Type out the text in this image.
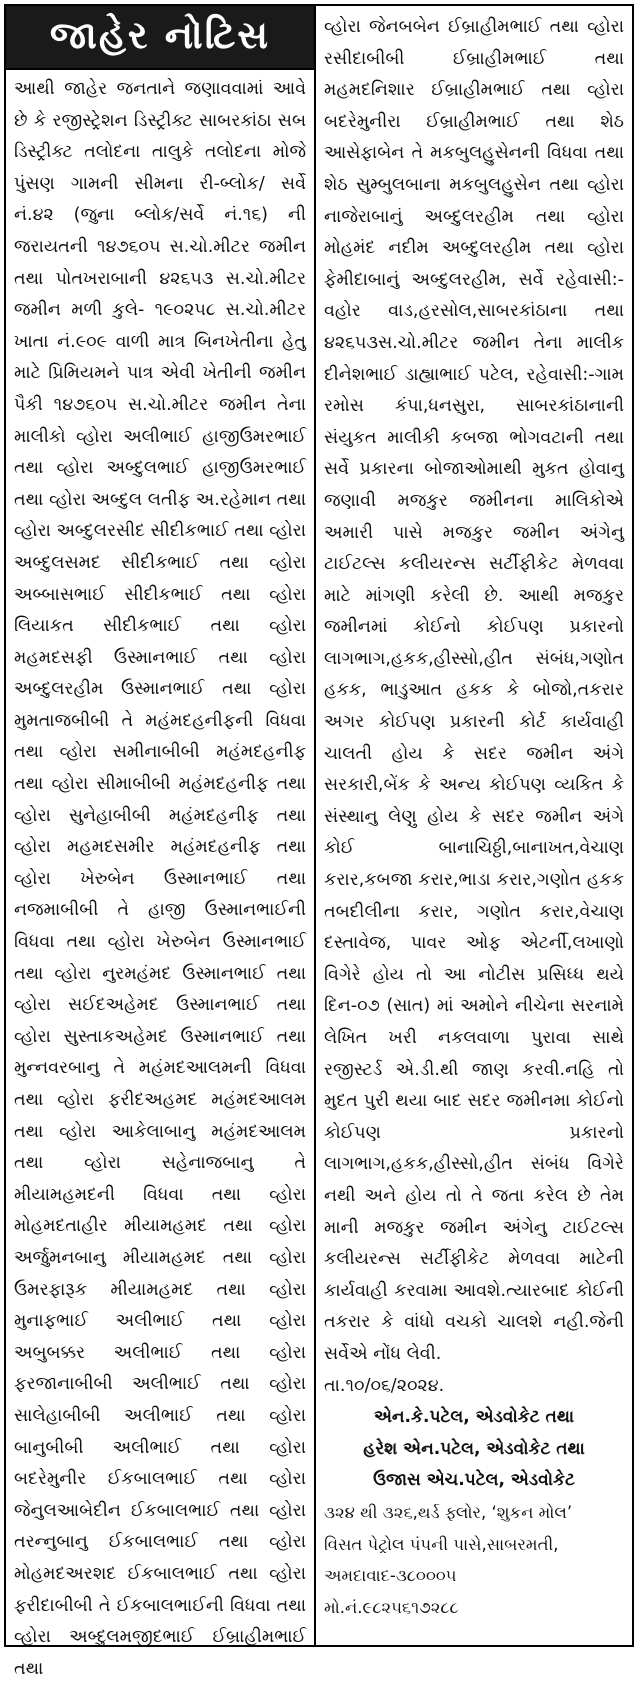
જાહેર નોટિસ

આથી જાહેર જનતાને જણાવવામાં આવે છે કે રજીસ્ટ્રેશન ડિસ્ટ્રીક્ટ સાબરકાંઠા સબ ડિસ્ટ્રીક્ટ તલોદના તાલુકે તલોદના મોજે પુંસણ ગામની સીમના રી-બ્લોક/ સર્વે નં.૪૨ (જુના બ્લોક/સર્વે નં.૧૬) ની જરાયતની ૧૪૭૬૦૫ સ.ચો.મીટર જમીન તથા પોતખરાબાની ૪૨૬૫૩ સ.ચો.મીટર જમીન મળી કુલે- ૧૯૦૨૫૮ સ.ચો.મીટર ખાતા નં.૯૦૯ વાળી માત્ર બિનખેતીના હેતુ માટે પ્રિમિયમને પાત્ર એવી ખેતીની જમીન પૈકી ૧૪૭૬૦૫ સ.ચો.મીટર જમીન તેના માલીકો વ્હોરા અલીભાઈ હાજીઉમરભાઈ તથા વ્હોરા અબ્દુલભાઈ હાજીઉમરભાઈ તથા વ્હોરા અબ્દુલ લતીફ અ.રહેમાન તથા વ્હોરા અબ્દુલરસીદ સીદીકભાઈ તથા વ્હોરા અબ્દુલસમદ સીદીકભાઈ તથા વ્હોરા અબ્બાસભાઈ સીદીકભાઈ તથા વ્હોરા લિયાકત સીદીકભાઈ તથા વ્હોરા મહમદસફી ઉસ્માનભાઈ તથા વ્હોરા અબ્દુલરહીમ ઉસ્માનભાઈ તથા વ્હોરા મુમતાજબીબી તે મહંમદહનીફની વિધવા તથા વ્હોરા સમીનાબીબી મહંમદહનીફ તથા વ્હોરા સીમાબીબી મહંમદહનીફ તથા વ્હોરા સુનેહાબીબી મહંમદહનીફ તથા વ્હોરા મહમદસમીર મહંમદહનીફ તથા વ્હોરા ખેરુબેન ઉસ્માનભાઈ તથા નજમાબીબી તે હાજી ઉસ્માનભાઈની વિધવા તથા વ્હોરા ખેરુબેન ઉસ્માનભાઈ તથા વ્હોરા નુરમહંમદ ઉસ્માનભાઈ તથા વ્હોરા સઈદઅહેમદ ઉસ્માનભાઈ તથા વ્હોરા સુસ્તાકઅહેમદ ઉસ્માનભાઈ તથા મુન્નવરબાનુ તે મહંમદઆલમની વિધવા તથા વ્હોરા ફરીદઅહમદ મહંમદઆલમ તથા વ્હોરા આકેલાબાનુ મહંમદઆલમ તથા વ્હોરા સહેનાજબાનુ તે મીયામહમદની વિધવા તથા વ્હોરા મોહમદતાહીર મીયામહમદ તથા વ્હોરા અર્જુમનબાનુ મીયામહમદ તથા વ્હોરા ઉમરફારૂક મીયામહમદ તથા વ્હોરા મુનાફભાઈ અલીભાઈ તથા વ્હોરા અબુબક્કર અલીભાઈ તથા વ્હોરા ફરજાનાબીબી અલીભાઈ તથા વ્હોરા સાલેહાબીબી અલીભાઈ તથા વ્હોરા બાનુબીબી અલીભાઈ તથા વ્હોરા બદરેમુનીર ઈકબાલભાઈ તથા વ્હોરા જેનુલઆબેદીન ઈકબાલભાઈ તથા વ્હોરા તરન્નુબાનુ ઈકબાલભાઈ તથા વ્હોરા મોહમદઅરશદ ઈકબાલભાઈ તથા વ્હોરા ફરીદાબીબી તે ઈકબાલભાઈની વિધવા તથા વ્હોરા અબ્દુલમજીદભાઈ ઈબ્રાહીમભાઈ તથા

વ્હોરા જેનબબેન ઈબ્રાહીમભાઈ તથા વ્હોરા રસીદાબીબી ઈબ્રાહીમભાઈ તથા મહમદનિશાર ઈબ્રાહીમભાઈ તથા વ્હોરા બદરેમુનીરા ઈબ્રાહીમભાઈ તથા શેઠ આસેફાબેન તે મકબુલહુસેનની વિધવા તથા શેઠ સુમ્બુલબાના મકબુલહુસેન તથા વ્હોરા નાજેરાબાનું અબ્દુલરહીમ તથા વ્હોરા મોહમંદ નદીમ અબ્દુલરહીમ તથા વ્હોરા ફેમીદાબાનું અબ્દુલરહીમ, સર્વે રહેવાસી:-વહોર વાડ,હરસોલ,સાબરકાંઠાના તથા ૪૨૬૫૩સ.ચો.મીટર જમીન તેના માલીક દીનેશભાઈ ડાહ્યાભાઈ પટેલ, રહેવાસી:-ગામ રમોસ કંપા,ધનસુરા, સાબરકાંઠાનાની સંયુકત માલીકી કબજા ભોગવટાની તથા સર્વે પ્રકારના બોજાઓમાથી મુકત હોવાનુ જણાવી મજકુર જમીનના માલિકોએ અમારી પાસે મજકુર જમીન અંગેનુ ટાઈટલ્સ કલીયરન્સ સર્ટીફીકેટ મેળવવા માટે માંગણી કરેલી છે. આથી મજકુર જમીનમાં કોઈનો કોઈપણ પ્રકારનો લાગભાગ,હકક,હીસ્સો,હીત સંબંધ,ગણોત હકક, ભાડુઆત હકક કે બોજો,તકરાર અગર કોઈપણ પ્રકારની કોર્ટ કાર્યવાહી ચાલતી હોય કે સદર જમીન અંગે સરકારી,બેંક કે અન્ય કોઈપણ વ્યકિત કે સંસ્થાનુ લેણુ હોય કે સદર જમીન અંગે કોઈ બાનાચિઠ્ઠી,બાનાખત,વેચાણ કરાર,કબજા કરાર,ભાડા કરાર,ગણોત હકક તબદીલીના કરાર, ગણોત કરાર,વેચાણ દસ્તાવેજ, પાવર ઓફ એટર્ની,લખાણો વિગેરે હોય તો આ નોટીસ પ્રસિધ્ધ થયે દિન-૦૭ (સાત) માં અમોને નીચેના સરનામે લેખિત ખરી નકલવાળા પુરાવા સાથે રજીસ્ટર્ડ એ.ડી.થી જાણ કરવી.નહિ તો મુદત પુરી થયા બાદ સદર જમીનમા કોઈનો કોઈપણ પ્રકારનો લાગભાગ,હકક,હીસ્સો,હીત સંબંધ વિગેરે નથી અને હોય તો તે જતા કરેલ છે તેમ માની મજકુર જમીન અંગેનુ ટાઈટલ્સ કલીયરન્સ સર્ટીફીકેટ મેળવવા માટેની કાર્યવાહી કરવામા આવશે.ત્યારબાદ કોઈની તકરાર કે વાંધો વચકો ચાલશે નહી.જેની સર્વેએ નોંધ લેવી.

તા.૧૦/૦૬/૨૦૨૪.

એન.કે.પટેલ, એડવોકેટ તથા

હરેશ એન.પટેલ, એડવોકેટ તથા

ઉજાસ એચ.પટેલ, એડવોકેટ

૩૨૪ થી ૩૨૬,થર્ડ ફ્લોર, ‘શુકન મોલ’

વિસત પેટ્રોલ પંપની પાસે,સાબરમતી,

અમદાવાદ-૩૮૦૦૦૫

મો.નં.૯૮૨૫૬૧૭૨૮૮
